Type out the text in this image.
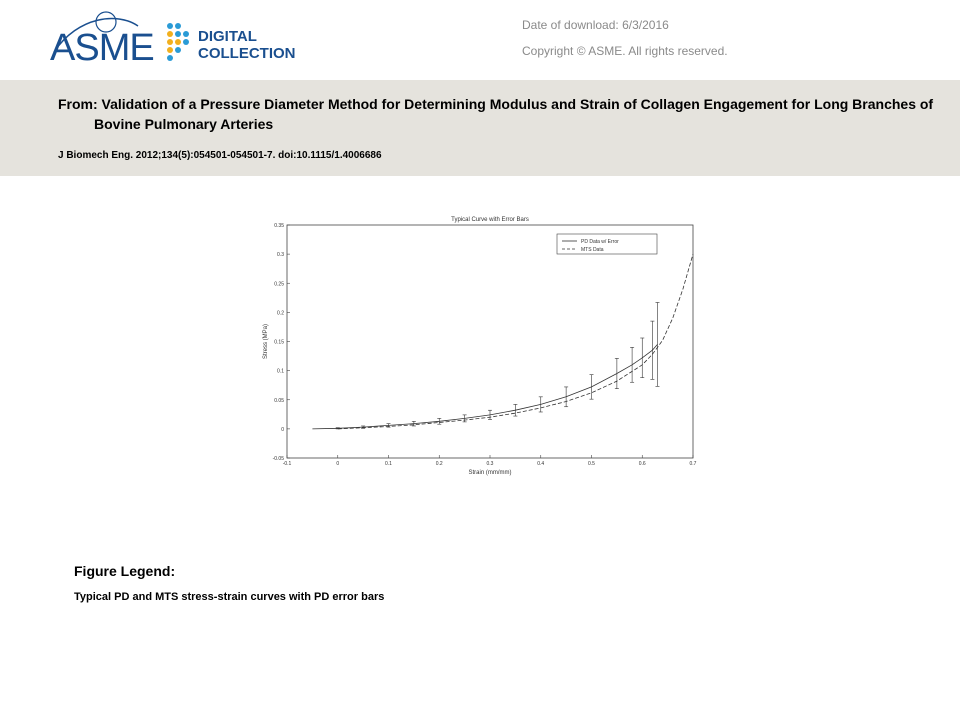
ASME	DIGITAL
COLLECTION
Date of download: 6/3/2016
Copyright © ASME. All rights reserved.
From: Validation of a Pressure Diameter Method for Determining Modulus and Strain of Collagen Engagement for Long Branches of Bovine Pulmonary Arteries
J Biomech Eng. 2012;134(5):054501-054501-7. doi:10.1115/1.4006686
Typical Curve with Error Bars
Strain (mm/mm)
Stress (MPa)
-0.1	0	0.1	0.2	0.3	0.4	0.5	0.6	0.7
-0.05
0
0.05
0.1
0.15
0.2
0.25
0.3
0.35
PD Data w/ Error
MTS Data
Figure Legend:
Typical PD and MTS stress-strain curves with PD error bars
